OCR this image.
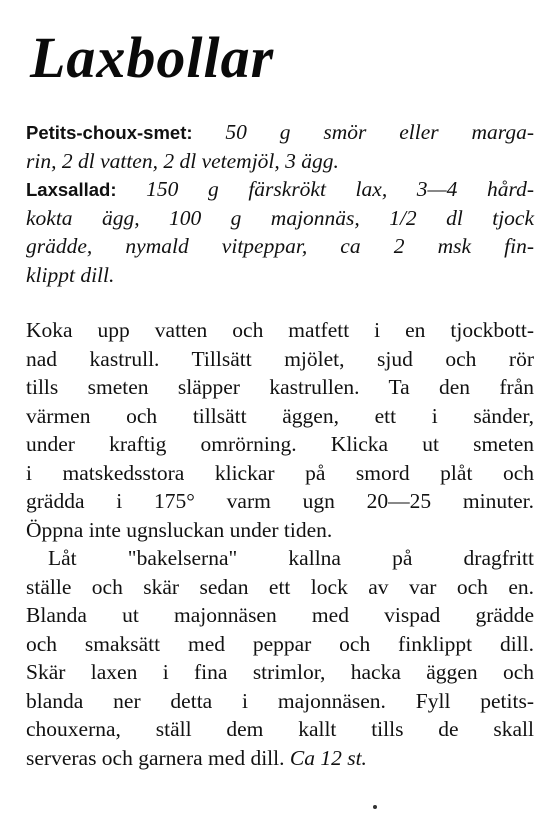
Laxbollar
Petits-choux-smet: 50 g smör eller marga-
rin, 2 dl vatten, 2 dl vetemjöl, 3 ägg.
Laxsallad: 150 g färskrökt lax, 3—4 hård-
kokta ägg, 100 g majonnäs, 1/2 dl tjock
grädde, nymald vitpeppar, ca 2 msk fin-
klippt dill.
Koka upp vatten och matfett i en tjockbott-
nad kastrull. Tillsätt mjölet, sjud och rör
tills smeten släpper kastrullen. Ta den från
värmen och tillsätt äggen, ett i sänder,
under kraftig omrörning. Klicka ut smeten
i matskedsstora klickar på smord plåt och
grädda i 175° varm ugn 20—25 minuter.
Öppna inte ugnsluckan under tiden.
Låt "bakelserna" kallna på dragfritt
ställe och skär sedan ett lock av var och en.
Blanda ut majonnäsen med vispad grädde
och smaksätt med peppar och finklippt dill.
Skär laxen i fina strimlor, hacka äggen och
blanda ner detta i majonnäsen. Fyll petits-
chouxerna, ställ dem kallt tills de skall
serveras och garnera med dill. Ca 12 st.
